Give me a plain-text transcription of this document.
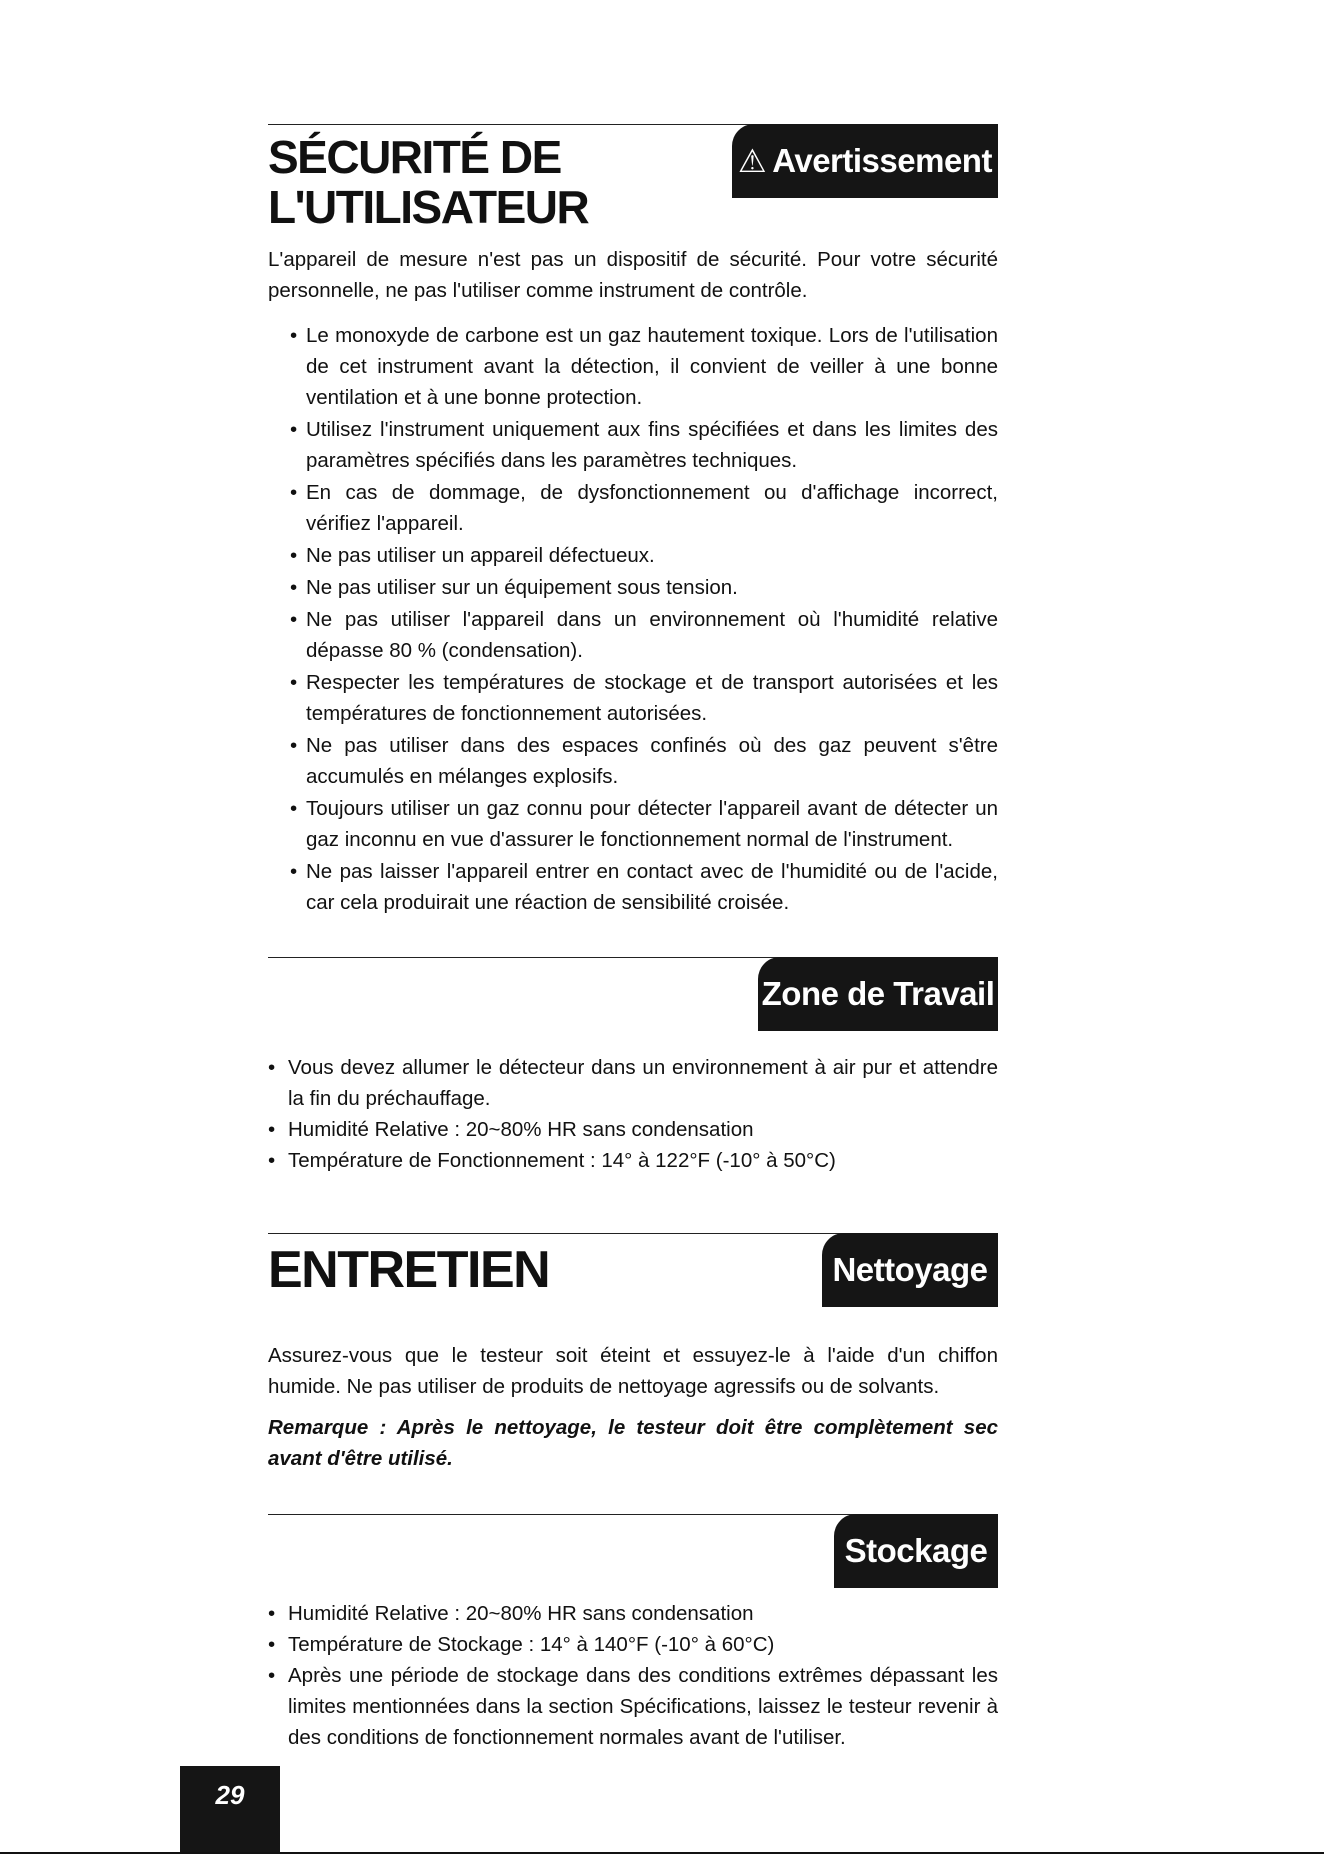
SÉCURITÉ DE
L'UTILISATEUR
⚠ Avertissement

L'appareil de mesure n'est pas un dispositif de sécurité. Pour votre sécurité personnelle, ne pas l'utiliser comme instrument de contrôle.

• Le monoxyde de carbone est un gaz hautement toxique. Lors de l'utilisation de cet instrument avant la détection, il convient de veiller à une bonne ventilation et à une bonne protection.
• Utilisez l'instrument uniquement aux fins spécifiées et dans les limites des paramètres spécifiés dans les paramètres techniques.
• En cas de dommage, de dysfonctionnement ou d'affichage incorrect, vérifiez l'appareil.
• Ne pas utiliser un appareil défectueux.
• Ne pas utiliser sur un équipement sous tension.
• Ne pas utiliser l'appareil dans un environnement où l'humidité relative dépasse 80 % (condensation).
• Respecter les températures de stockage et de transport autorisées et les températures de fonctionnement autorisées.
• Ne pas utiliser dans des espaces confinés où des gaz peuvent s'être accumulés en mélanges explosifs.
• Toujours utiliser un gaz connu pour détecter l'appareil avant de détecter un gaz inconnu en vue d'assurer le fonctionnement normal de l'instrument.
• Ne pas laisser l'appareil entrer en contact avec de l'humidité ou de l'acide, car cela produirait une réaction de sensibilité croisée.
Zone de Travail
• Vous devez allumer le détecteur dans un environnement à air pur et attendre la fin du préchauffage.
• Humidité Relative : 20~80% HR sans condensation
• Température de Fonctionnement : 14° à 122°F (-10° à 50°C)
ENTRETIEN	Nettoyage

Assurez-vous que le testeur soit éteint et essuyez-le à l'aide d'un chiffon humide. Ne pas utiliser de produits de nettoyage agressifs ou de solvants.

Remarque : Après le nettoyage, le testeur doit être complètement sec avant d'être utilisé.

Stockage
• Humidité Relative : 20~80% HR sans condensation
• Température de Stockage : 14° à 140°F (-10° à 60°C)
• Après une période de stockage dans des conditions extrêmes dépassant les limites mentionnées dans la section Spécifications, laissez le testeur revenir à des conditions de fonctionnement normales avant de l'utiliser.
29
